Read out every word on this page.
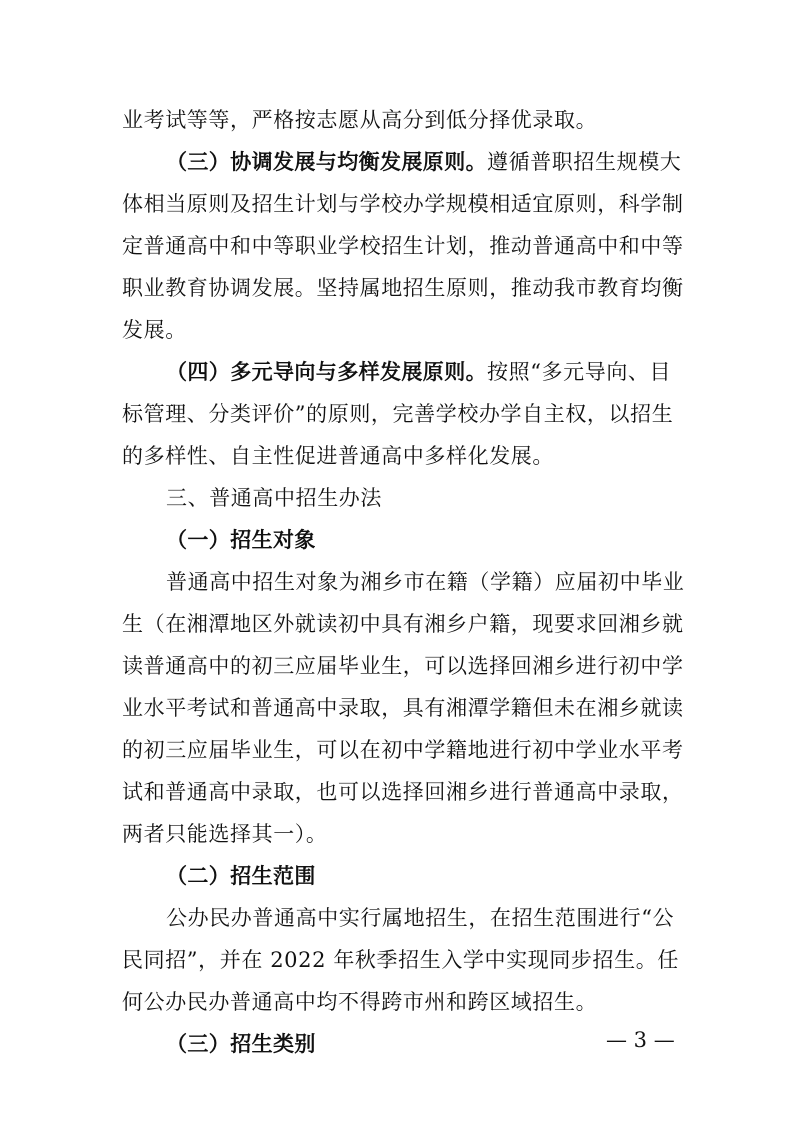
业考试等等，严格按志愿从高分到低分择优录取。
（三）协调发展与均衡发展原则。遵循普职招生规模大
体相当原则及招生计划与学校办学规模相适宜原则，科学制
定普通高中和中等职业学校招生计划，推动普通高中和中等
职业教育协调发展。坚持属地招生原则，推动我市教育均衡
发展。
（四）多元导向与多样发展原则。按照“多元导向、目
标管理、分类评价”的原则，完善学校办学自主权，以招生
的多样性、自主性促进普通高中多样化发展。
三、普通高中招生办法
（一）招生对象
普通高中招生对象为湘乡市在籍（学籍）应届初中毕业
生（在湘潭地区外就读初中具有湘乡户籍，现要求回湘乡就
读普通高中的初三应届毕业生，可以选择回湘乡进行初中学
业水平考试和普通高中录取，具有湘潭学籍但未在湘乡就读
的初三应届毕业生，可以在初中学籍地进行初中学业水平考
试和普通高中录取，也可以选择回湘乡进行普通高中录取，
两者只能选择其一）。
（二）招生范围
公办民办普通高中实行属地招生，在招生范围进行“公
民同招”，并在 2022 年秋季招生入学中实现同步招生。任
何公办民办普通高中均不得跨市州和跨区域招生。
（三）招生类别	— 3 —
